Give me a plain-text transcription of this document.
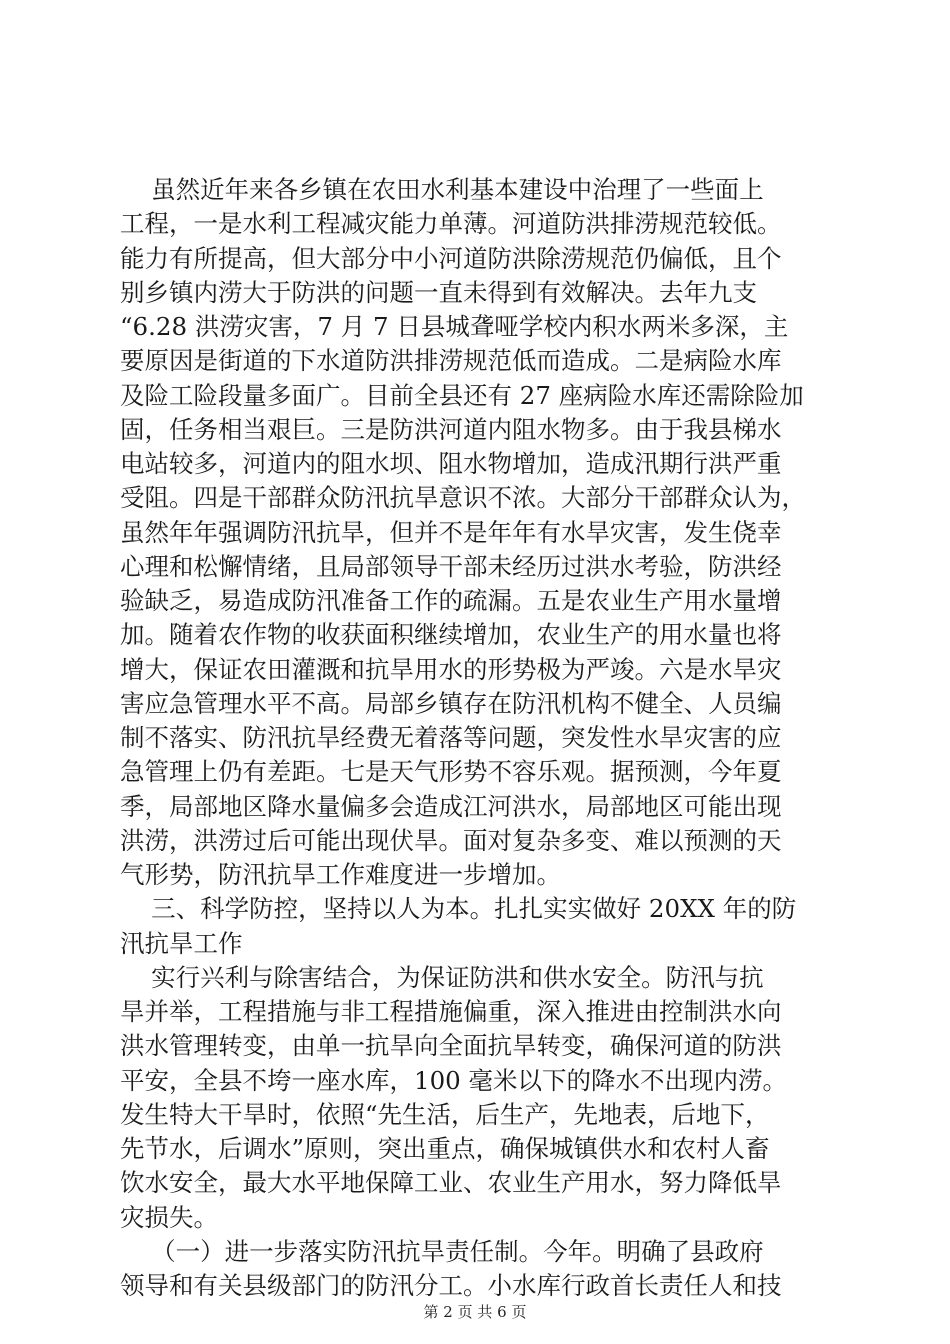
虽然近年来各乡镇在农田水利基本建设中治理了一些面上
工程，一是水利工程减灾能力单薄。河道防洪排涝规范较低。
能力有所提高，但大部分中小河道防洪除涝规范仍偏低，且个
别乡镇内涝大于防洪的问题一直未得到有效解决。去年九支
“6.28 洪涝灾害，7 月 7 日县城聋哑学校内积水两米多深，主
要原因是街道的下水道防洪排涝规范低而造成。二是病险水库
及险工险段量多面广。目前全县还有 27 座病险水库还需除险加
固，任务相当艰巨。三是防洪河道内阻水物多。由于我县梯水
电站较多，河道内的阻水坝、阻水物增加，造成汛期行洪严重
受阻。四是干部群众防汛抗旱意识不浓。大部分干部群众认为，
虽然年年强调防汛抗旱，但并不是年年有水旱灾害，发生侥幸
心理和松懈情绪，且局部领导干部未经历过洪水考验，防洪经
验缺乏，易造成防汛准备工作的疏漏。五是农业生产用水量增
加。随着农作物的收获面积继续增加，农业生产的用水量也将
增大，保证农田灌溉和抗旱用水的形势极为严竣。六是水旱灾
害应急管理水平不高。局部乡镇存在防汛机构不健全、人员编
制不落实、防汛抗旱经费无着落等问题，突发性水旱灾害的应
急管理上仍有差距。七是天气形势不容乐观。据预测，今年夏
季，局部地区降水量偏多会造成江河洪水，局部地区可能出现
洪涝，洪涝过后可能出现伏旱。面对复杂多变、难以预测的天
气形势，防汛抗旱工作难度进一步增加。
三、科学防控，坚持以人为本。扎扎实实做好 20XX 年的防
汛抗旱工作
实行兴利与除害结合，为保证防洪和供水安全。防汛与抗
旱并举，工程措施与非工程措施偏重，深入推进由控制洪水向
洪水管理转变，由单一抗旱向全面抗旱转变，确保河道的防洪
平安，全县不垮一座水库，100 毫米以下的降水不出现内涝。
发生特大干旱时，依照“先生活，后生产，先地表，后地下，
先节水，后调水”原则，突出重点，确保城镇供水和农村人畜
饮水安全，最大水平地保障工业、农业生产用水，努力降低旱
灾损失。
（一）进一步落实防汛抗旱责任制。今年。明确了县政府
领导和有关县级部门的防汛分工。小水库行政首长责任人和技
第 2 页 共 6 页
